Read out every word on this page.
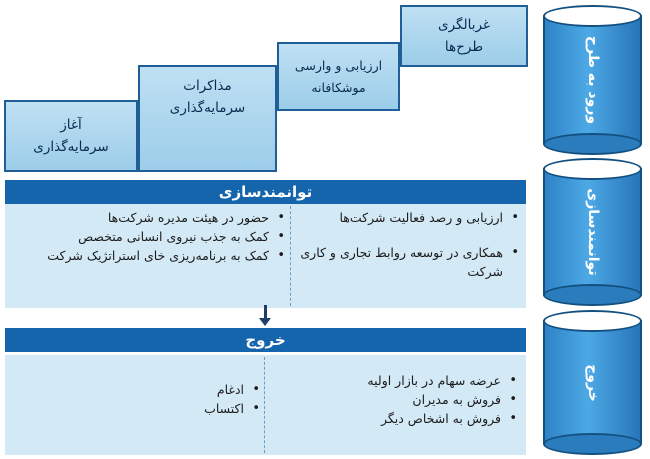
آغاز
سرمایه‌گذاری
مذاکرات
سرمایه‌گذاری
ارزیابی و وارسی
موشکافانه
غربالگری
طرح‌ها	ورود به طرح
توانمندسازی
خروج
توانمندسازی
• ارزیابی و رصد فعالیت شرکت‌ها
• همکاری در توسعه روابط تجاری و کاری شرکت
• حضور در هیئت مدیره شرکت‌ها
• کمک به جذب نیروی انسانی متخصص
• کمک به برنامه‌ریزی خای استراتژیک شرکت
خروج
• عرضه سهام در بازار اولیه
• فروش به مدیران
• فروش به اشخاص دیگر
• ادغام
• اکتساب
